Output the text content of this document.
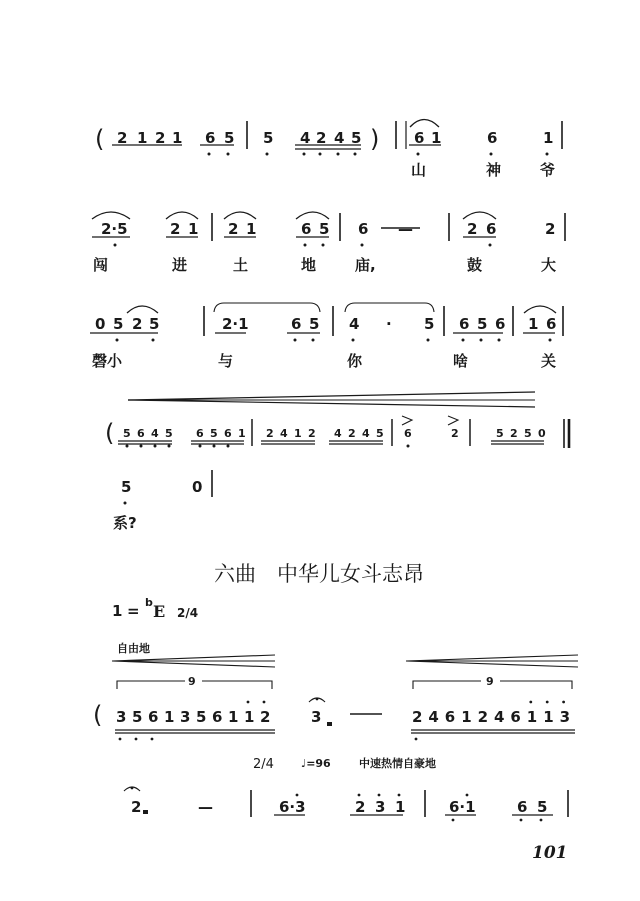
( 2 1 2 1 6 5 5 4 2 4 5 ) 6 1	6	1
山	神	爷
2·5	2 1 2 1	6 5 6 —	2 6	2
闯	进	土	地	庙,	鼓	大
0 5 2 5	2·1	6 5 4 · 5 6 5 6 1 6
磬小	与	你	啥	关
( 5 6 4 5 6 5 6 1 2 4 1 2 4 2 4 5 6	2	5 2 5 0
5	0
系?
六曲　中华儿女斗志昂
1 = b E 2/4
自由地
9	9
( 3 5 6 1 3 5 6 1 1 2	3	2 4 6 1 2 4 6 1 1 3
2/4 ♩=96	中速热情自豪地
2	—	6·3	2 3 1	6·1	6 5
101
